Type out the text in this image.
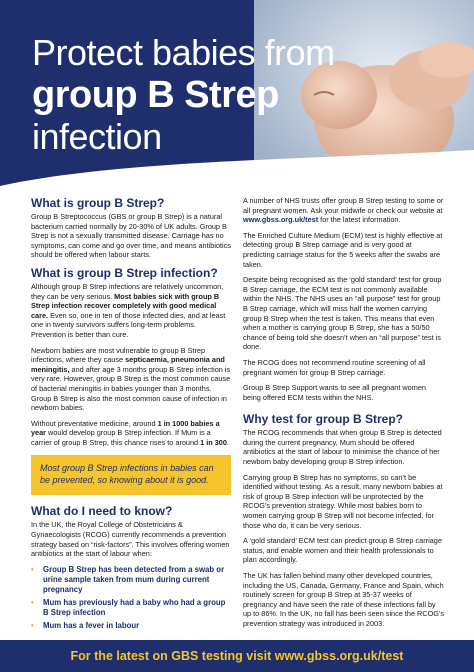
Protect babies from
group B Strep
infection
What is group B Strep?

Group B Streptococcus (GBS or group B Strep) is a natural bacterium carried normally by 20-30% of UK adults. Group B Strep is not a sexually transmitted disease. Carriage has no symptoms, can come and go over time, and means antibiotics should be offered when labour starts.

What is group B Strep infection?

Although group B Strep infections are relatively uncommon, they can be very serious. Most babies sick with group B Strep infection recover completely with good medical care. Even so, one in ten of those infected dies, and at least one in twenty survivors suffers long-term problems. Prevention is better than cure.

Newborn babies are most vulnerable to group B Strep infections, where they cause septicaemia, pneumonia and meningitis, and after age 3 months group B Strep infection is very rare. However, group B Strep is the most common cause of bacterial meningitis in babies younger than 3 months. Group B Strep is also the most common cause of infection in newborn babies.

Without preventative medicine, around 1 in 1000 babies a year would develop group B Strep infection. If Mum is a carrier of group B Strep, this chance rises to around 1 in 300.

Most group B Strep infections in babies can be prevented, so knowing about it is good.
What do I need to know?

In the UK, the Royal College of Obstetricians & Gynaecologists (RCOG) currently recommends a prevention strategy based on “risk-factors”. This involves offering women antibiotics at the start of labour when:

• Group B Strep has been detected from a swab or urine sample taken from mum during current pregnancy
• Mum has previously had a baby who had a group B Strep infection
• Mum has a fever in labour

A number of NHS trusts offer group B Strep testing to some or all pregnant women. Ask your midwife or check our website at www.gbss.org.uk/test for the latest information.

The Enriched Culture Medium (ECM) test is highly effective at detecting group B Strep carriage and is very good at predicting carriage status for the 5 weeks after the swabs are taken.

Despite being recognised as the ‘gold standard’ test for group B Strep carriage, the ECM test is not commonly available within the NHS. The NHS uses an “all purpose” test for group B Strep carriage, which will miss half the women carrying group B Strep when the test is taken. This means that even when a mother is carrying group B Strep, she has a 50/50 chance of being told she doesn’t when an “all purpose” test is done.

The RCOG does not recommend routine screening of all pregnant women for group B Strep carriage.

Group B Strep Support wants to see all pregnant women being offered ECM tests within the NHS.

Why test for group B Strep?

The RCOG recommends that when group B Strep is detected during the current pregnancy, Mum should be offered antibiotics at the start of labour to minimise the chance of her newborn baby developing group B Strep infection.

Carrying group B Strep has no symptoms, so can’t be identified without testing. As a result, many newborn babies at risk of group B Strep infection will be unprotected by the RCOG’s prevention strategy. While most babies born to women carrying group B Strep will not become infected, for those who do, it can be very serious.

A ‘gold standard’ ECM test can predict group B Strep carriage status, and enable women and their health professionals to plan accordingly.

The UK has fallen behind many other developed countries, including the US, Canada, Germany, France and Spain, which routinely screen for group B Strep at 35-37 weeks of pregnancy and have seen the rate of these infections fall by up to 86%. In the UK, no fall has been seen since the RCOG’s prevention strategy was introduced in 2003.

For the latest on GBS testing visit www.gbss.org.uk/test
